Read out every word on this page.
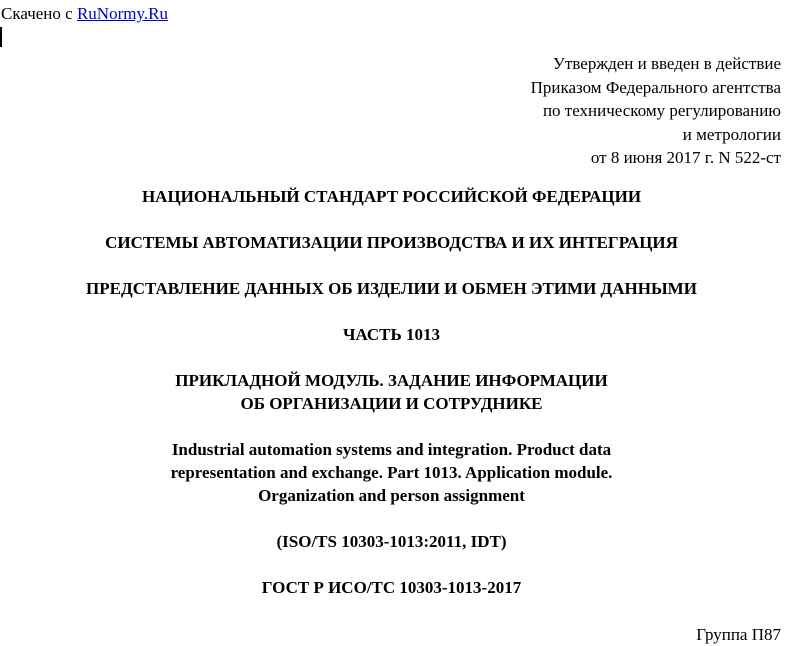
Скачено с RuNormy.Ru
Утвержден и введен в действие
Приказом Федерального агентства
по техническому регулированию
и метрологии
от 8 июня 2017 г. N 522-ст
НАЦИОНАЛЬНЫЙ СТАНДАРТ РОССИЙСКОЙ ФЕДЕРАЦИИ
СИСТЕМЫ АВТОМАТИЗАЦИИ ПРОИЗВОДСТВА И ИХ ИНТЕГРАЦИЯ
ПРЕДСТАВЛЕНИЕ ДАННЫХ ОБ ИЗДЕЛИИ И ОБМЕН ЭТИМИ ДАННЫМИ
ЧАСТЬ 1013
ПРИКЛАДНОЙ МОДУЛЬ. ЗАДАНИЕ ИНФОРМАЦИИ
ОБ ОРГАНИЗАЦИИ И СОТРУДНИКЕ
Industrial automation systems and integration. Product data
representation and exchange. Part 1013. Application module.
Organization and person assignment
(ISO/TS 10303-1013:2011, IDT)
ГОСТ Р ИСО/ТС 10303-1013-2017
Группа П87
